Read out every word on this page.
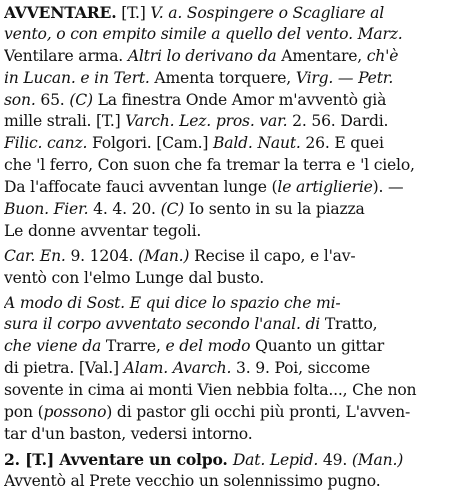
AVVENTARE. [T.] V. a. Sospingere o Scagliare al
vento, o con empito simile a quello del vento. Marz.
Ventilare arma. Altri lo derivano da Amentare, ch'è
in Lucan. e in Tert. Amenta torquere, Virg. — Petr.
son. 65. (C) La finestra Onde Amor m'avventò già
mille strali. [T.] Varch. Lez. pros. var. 2. 56. Dardi.
Filic. canz. Folgori. [Cam.] Bald. Naut. 26. E quei
che 'l ferro, Con suon che fa tremar la terra e 'l cielo,
Da l'affocate fauci avventan lunge (le artiglierie). —
Buon. Fier. 4. 4. 20. (C) Io sento in su la piazza
Le donne avventar tegoli.
Car. En. 9. 1204. (Man.) Recise il capo, e l'av-
ventò con l'elmo Lunge dal busto.
A modo di Sost. E qui dice lo spazio che mi-
sura il corpo avventato secondo l'anal. di Tratto,
che viene da Trarre, e del modo Quanto un gittar
di pietra. [Val.] Alam. Avarch. 3. 9. Poi, siccome
sovente in cima ai monti Vien nebbia folta..., Che non
pon (possono) di pastor gli occhi più pronti, L'avven-
tar d'un baston, vedersi intorno.
2. [T.] Avventare un colpo. Dat. Lepid. 49. (Man.)
Avventò al Prete vecchio un solennissimo pugno.
